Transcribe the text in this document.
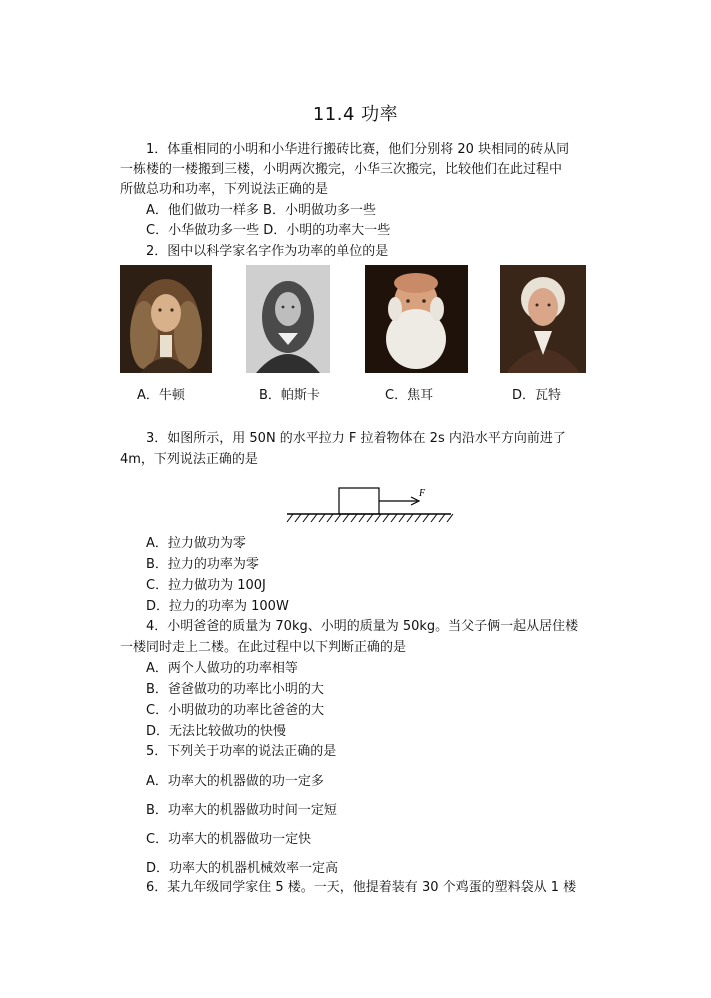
11.4 功率
1．体重相同的小明和小华进行搬砖比赛，他们分别将 20 块相同的砖从同
一栋楼的一楼搬到三楼，小明两次搬完，小华三次搬完，比较他们在此过程中
所做总功和功率，下列说法正确的是
A．他们做功一样多 B．小明做功多一些
C．小华做功多一些 D．小明的功率大一些
2．图中以科学家名字作为功率的单位的是
A．牛顿	B．帕斯卡	C．焦耳	D．瓦特
3．如图所示，用 50N 的水平拉力 F 拉着物体在 2s 内沿水平方向前进了
4m，下列说法正确的是
F
A．拉力做功为零
B．拉力的功率为零
C．拉力做功为 100J
D．拉力的功率为 100W
4．小明爸爸的质量为 70kg、小明的质量为 50kg。当父子俩一起从居住楼
一楼同时走上二楼。在此过程中以下判断正确的是
A．两个人做功的功率相等
B．爸爸做功的功率比小明的大
C．小明做功的功率比爸爸的大
D．无法比较做功的快慢
5．下列关于功率的说法正确的是
A．功率大的机器做的功一定多
B．功率大的机器做功时间一定短
C．功率大的机器做功一定快
D．功率大的机器机械效率一定高
6．某九年级同学家住 5 楼。一天，他提着装有 30 个鸡蛋的塑料袋从 1 楼
